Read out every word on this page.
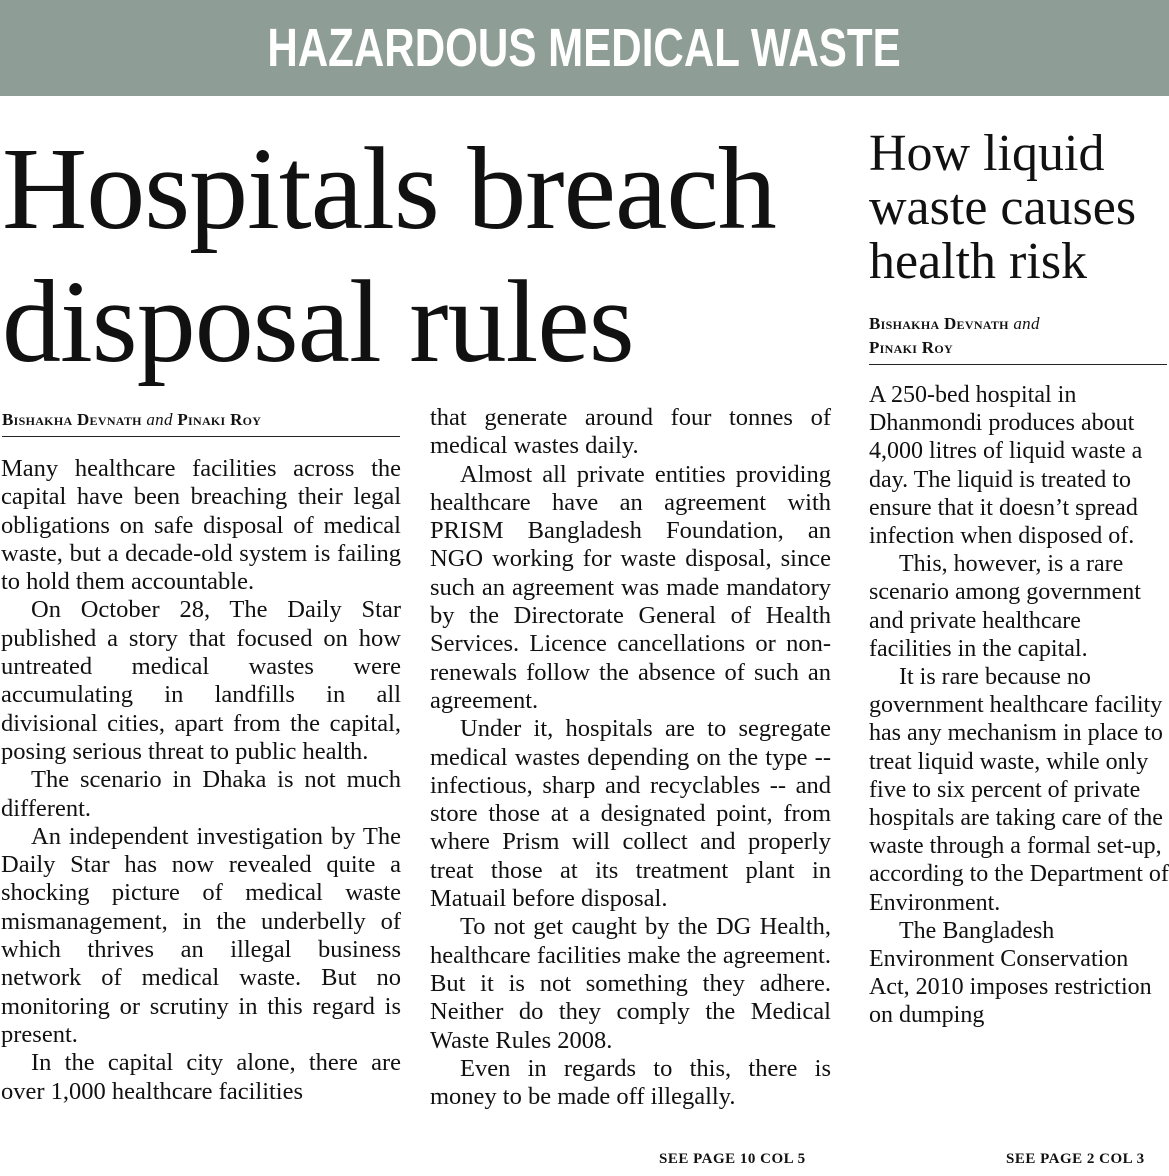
HAZARDOUS MEDICAL WASTE
Hospitals breach disposal rules
How liquid waste causes health risk
Bishakha Devnath and Pinaki Roy
Bishakha Devnath and
Pinaki Roy

Many healthcare facilities across the capital have been breaching their legal obligations on safe disposal of medical waste, but a decade-old system is failing to hold them accountable.

On October 28, The Daily Star published a story that focused on how untreated medical wastes were accumulating in landfills in all divisional cities, apart from the capital, posing serious threat to public health.

The scenario in Dhaka is not much different.

An independent investigation by The Daily Star has now revealed quite a shocking picture of medical waste mismanagement, in the underbelly of which thrives an illegal business network of medical waste. But no monitoring or scrutiny in this regard is present.

In the capital city alone, there are over 1,000 healthcare facilities

that generate around four tonnes of medical wastes daily.

Almost all private entities providing healthcare have an agreement with PRISM Bangladesh Foundation, an NGO working for waste disposal, since such an agreement was made mandatory by the Directorate General of Health Services. Licence cancellations or non-renewals follow the absence of such an agreement.

Under it, hospitals are to segregate medical wastes depending on the type -- infectious, sharp and recyclables -- and store those at a designated point, from where Prism will collect and properly treat those at its treatment plant in Matuail before disposal.

To not get caught by the DG Health, healthcare facilities make the agreement. But it is not something they adhere. Neither do they comply the Medical Waste Rules 2008.

Even in regards to this, there is money to be made off illegally.

SEE PAGE 10 COL 5

A 250-bed hospital in Dhanmondi produces about 4,000 litres of liquid waste a day. The liquid is treated to ensure that it doesn’t spread infection when disposed of.

This, however, is a rare scenario among government and private healthcare facilities in the capital.

It is rare because no government healthcare facility has any mechanism in place to treat liquid waste, while only five to six percent of private hospitals are taking care of the waste through a formal set-up, according to the Department of Environment.

The Bangladesh Environment Conservation Act, 2010 imposes restriction on dumping

SEE PAGE 2 COL 3
